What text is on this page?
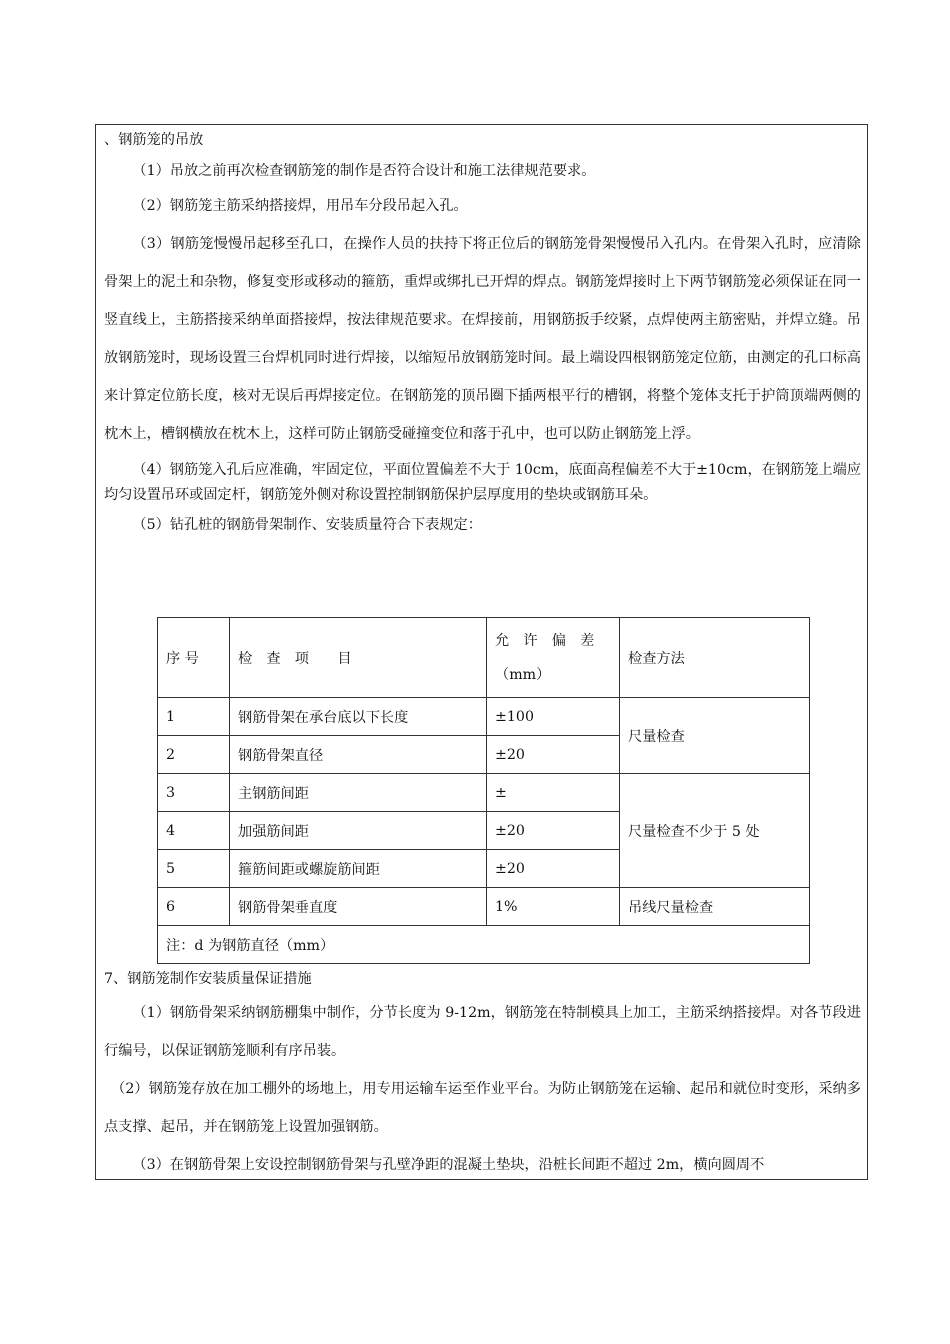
、钢筋笼的吊放

（1）吊放之前再次检查钢筋笼的制作是否符合设计和施工法律规范要求。

（2）钢筋笼主筋采纳搭接焊，用吊车分段吊起入孔。

（3）钢筋笼慢慢吊起移至孔口，在操作人员的扶持下将正位后的钢筋笼骨架慢慢吊入孔内。在骨架入孔时，应清除骨架上的泥土和杂物，修复变形或移动的箍筋，重焊或绑扎已开焊的焊点。钢筋笼焊接时上下两节钢筋笼必须保证在同一竖直线上，主筋搭接采纳单面搭接焊，按法律规范要求。在焊接前，用钢筋扳手绞紧，点焊使两主筋密贴，并焊立缝。吊放钢筋笼时，现场设置三台焊机同时进行焊接，以缩短吊放钢筋笼时间。最上端设四根钢筋笼定位筋，由测定的孔口标高来计算定位筋长度，核对无误后再焊接定位。在钢筋笼的顶吊圈下插两根平行的槽钢，将整个笼体支托于护筒顶端两侧的枕木上，槽钢横放在枕木上，这样可防止钢筋受碰撞变位和落于孔中，也可以防止钢筋笼上浮。

（4）钢筋笼入孔后应准确，牢固定位，平面位置偏差不大于 10cm，底面高程偏差不大于±10cm，在钢筋笼上端应均匀设置吊环或固定杆，钢筋笼外侧对称设置控制钢筋保护层厚度用的垫块或钢筋耳朵。

（5）钻孔桩的钢筋骨架制作、安装质量符合下表规定：

序 号	检　查　项　　目	允　许　偏　差
（mm）	检查方法
1	钢筋骨架在承台底以下长度	±100	尺量检查
2	钢筋骨架直径	±20	
3	主钢筋间距	±	尺量检查不少于 5 处
4	加强筋间距	±20	
5	箍筋间距或螺旋筋间距	±20	
6	钢筋骨架垂直度	1%	吊线尺量检查
注：d 为钢筋直径（mm）			
7、钢筋笼制作安装质量保证措施

（1）钢筋骨架采纳钢筋棚集中制作，分节长度为 9-12m，钢筋笼在特制模具上加工，主筋采纳搭接焊。对各节段进行编号，以保证钢筋笼顺利有序吊装。

（2）钢筋笼存放在加工棚外的场地上，用专用运输车运至作业平台。为防止钢筋笼在运输、起吊和就位时变形，采纳多点支撑、起吊，并在钢筋笼上设置加强钢筋。

（3）在钢筋骨架上安设控制钢筋骨架与孔壁净距的混凝土垫块，沿桩长间距不超过 2m，横向圆周不
